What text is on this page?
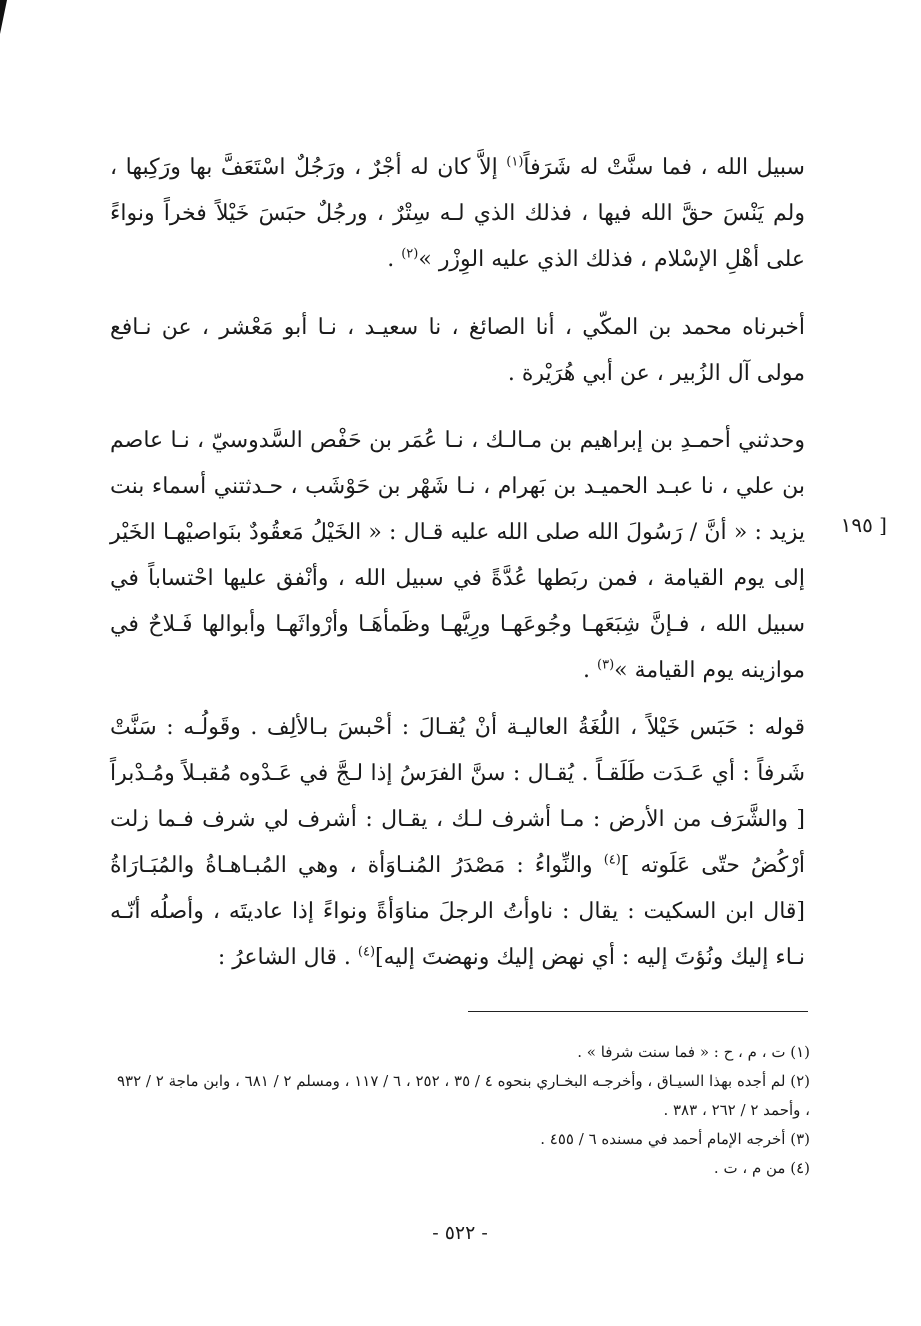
سبيل الله ، فما سنَّتْ له شَرَفاً$^{(١)}$ إلاَّ كان له أجْرٌ ، ورَجُلٌ اسْتَعَفَّ بها ورَكِبها ، ولم يَنْسَ حقَّ الله فيها ، فذلك الذي لـه سِتْرٌ ، ورجُلٌ حبَسَ خَيْلاً فخراً ونواءً على أهْلِ الإسْلام ، فذلك الذي عليه الوِزْر »$^{(٢)}$ .

أخبرناه محمد بن المكّي ، أنا الصائغ ، نا سعيـد ، نـا أبو مَعْشر ، عن نـافع مولى آل الزُبير ، عن أبي هُرَيْرة .

وحدثني أحمـدِ بن إبراهيم بن مـالـك ، نـا عُمَر بن حَفْص السَّدوسيّ ، نـا عاصم بن علي ، نا عبـد الحميـد بن بَهرام ، نـا شَهْر بن حَوْشَب ، حـدثتني أسماء بنت يزيد : « أنَّ / رَسُولَ الله صلى الله عليه قـال : « الخَيْلُ مَعقُودٌ بنَواصيْهـا الخَيْر إلى يوم القيامة ، فمن ربَطها عُدَّةً في سبيل الله ، وأنْفق عليها احْتساباً في سبيل الله ، فـإنَّ شِبَعَهـا وجُوعَهـا ورِيَّهـا وظَمأهَـا وأرْواثَهـا وأبوالها فَـلاحٌ في موازينه يوم القيامة »$^{(٣)}$ .

[ ١٩٥

قوله : حَبَس خَيْلاً ، اللُغَةُ العاليـة أنْ يُقـالَ : أحْبسَ بـالألِف . وقَولُـه : سَنَّتْ شَرفاً : أي عَـدَت طَلَقـاً . يُقـال : سنَّ الفرَسُ إذا لـجَّ في عَـدْوه مُقبـلاً ومُـدْبراً [ والشَّرَف من الأرض : مـا أشرف لـك ، يقـال : أشرف لي شرف فـما زلت أرْكُضُ حتّى عَلَوته ]$^{(٤)}$ والنِّواءُ : مَصْدَرُ المُنـاوَأة ، وهي المُبـاهـاةُ والمُبَـارَاةُ [قال ابن السكيت : يقال : ناوأتُ الرجلَ مناوَأةً ونواءً إذا عاديتَه ، وأصلُه أنّـه نـاء إليك ونُؤتَ إليه : أي نهض إليك ونهضتَ إليه]$^{(٤)}$ . قال الشاعرُ :

(١) ت ، م ، ح : « فما سنت شرفا » .

(٢) لم أجده بهذا السيـاق ، وأخرجـه البخـاري بنحوه ٤ / ٣٥ ، ٢٥٢ ، ٦ / ١١٧ ، ومسلم ٢ / ٦٨١ ، وابن ماجة ٢ / ٩٣٢ ، وأحمد ٢ / ٢٦٢ ، ٣٨٣ .

(٣) أخرجه الإمام أحمد في مسنده ٦ / ٤٥٥ .

(٤) من م ، ت .

- ٥٢٢ -
